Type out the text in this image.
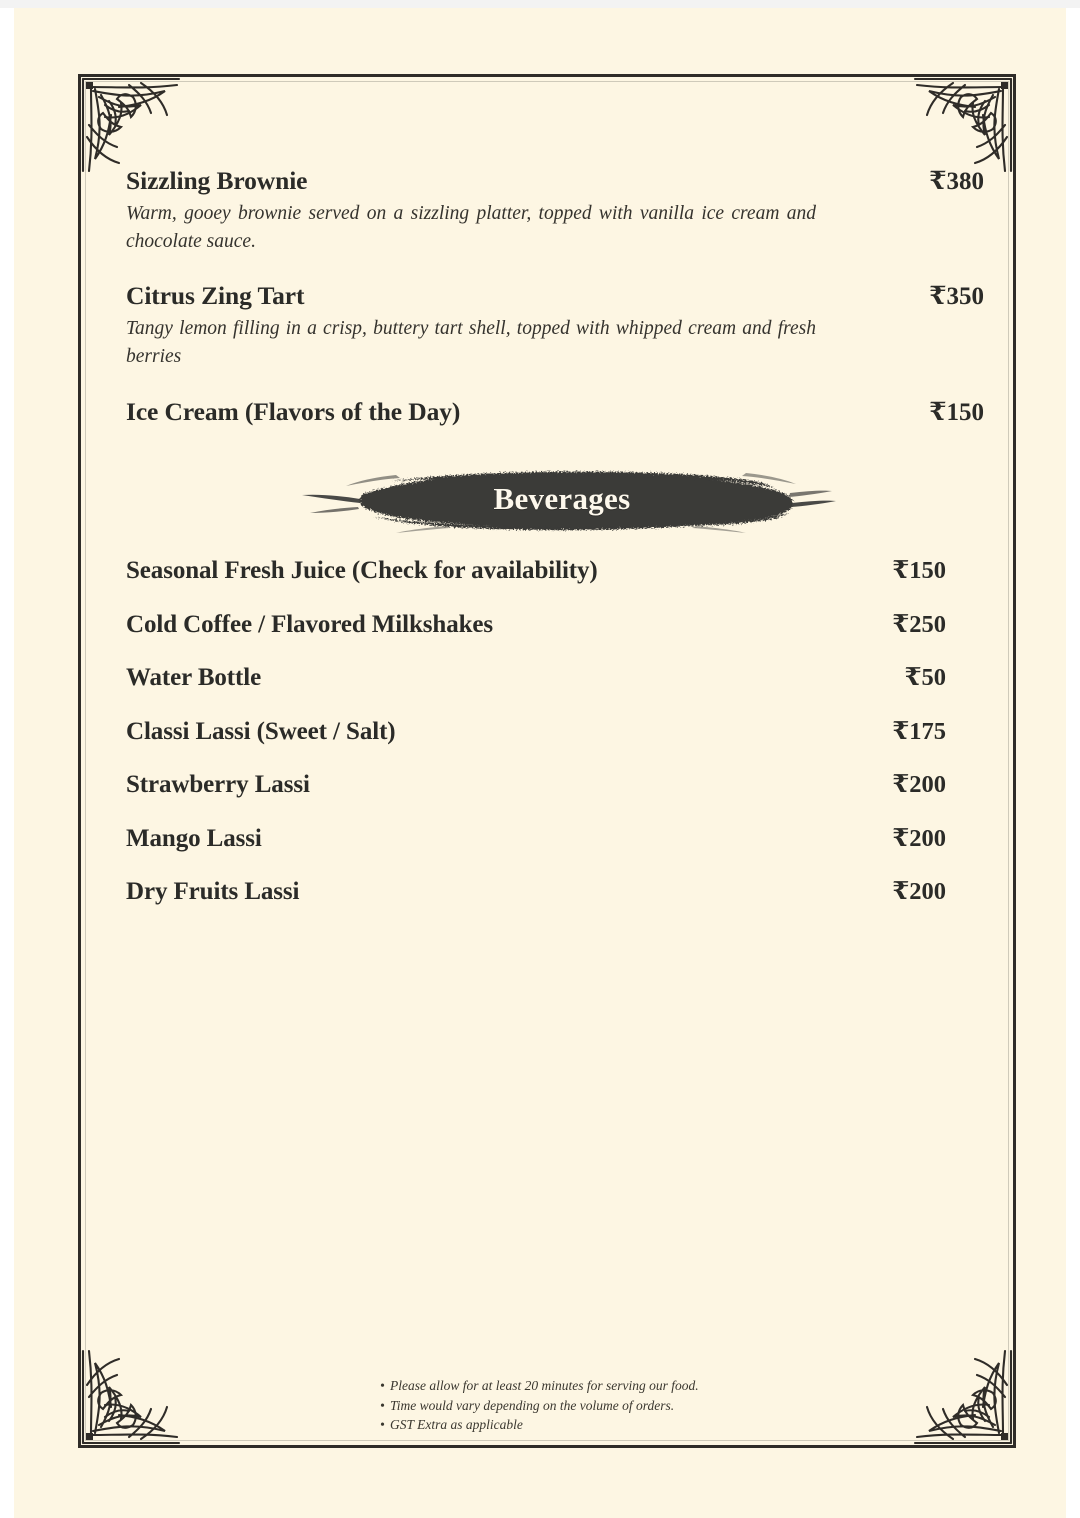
Sizzling Brownie	₹380
Warm, gooey brownie served on a sizzling platter, topped with vanilla ice cream and chocolate sauce.
Citrus Zing Tart	₹350
Tangy lemon filling in a crisp, buttery tart shell, topped with whipped cream and fresh berries
Ice Cream (Flavors of the Day)	₹150
Beverages
Seasonal Fresh Juice (Check for availability)	₹150
Cold Coffee / Flavored Milkshakes	₹250
Water Bottle	₹50
Classi Lassi (Sweet / Salt)	₹175
Strawberry Lassi	₹200
Mango Lassi	₹200
Dry Fruits Lassi	₹200
• Please allow for at least 20 minutes for serving our food.
• Time would vary depending on the volume of orders.
• GST Extra as applicable
